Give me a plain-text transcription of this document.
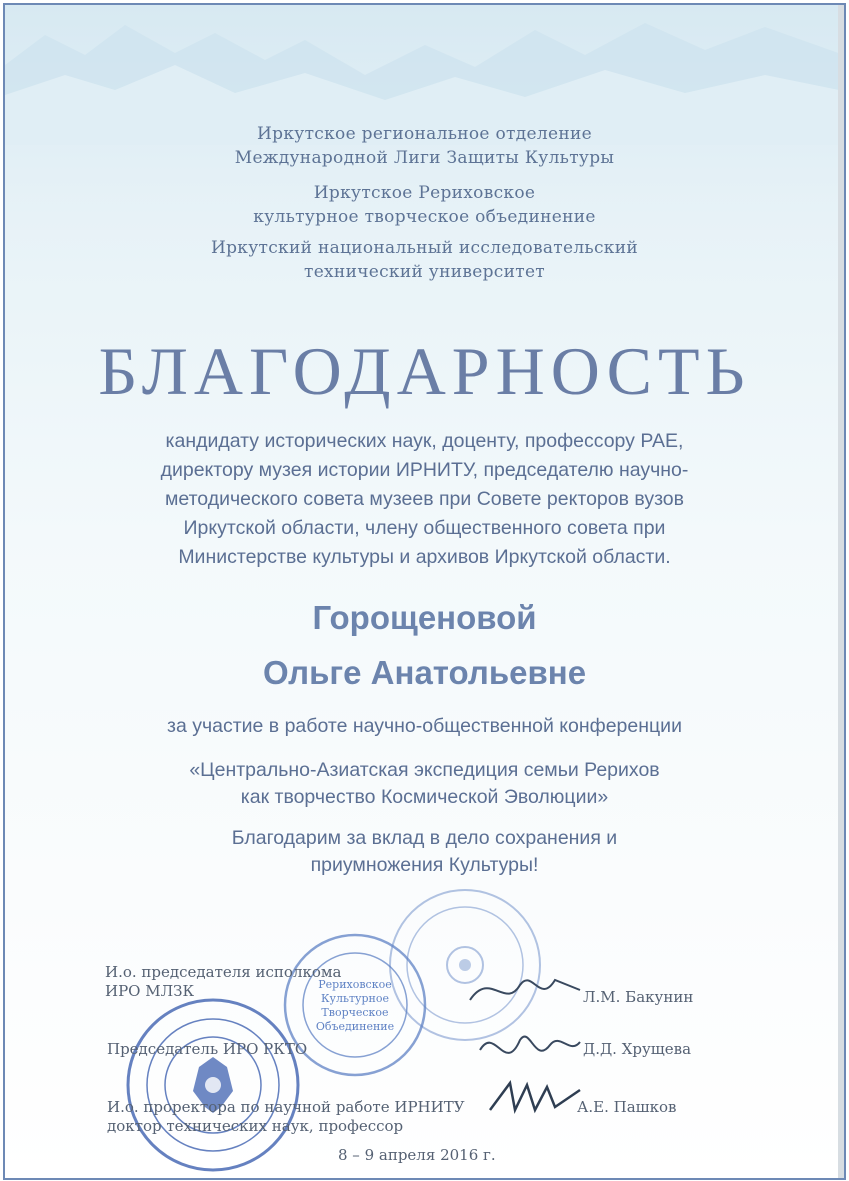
Иркутское региональное отделение
Международной Лиги Защиты Культуры
Иркутское Рериховское
культурное творческое объединение
Иркутский национальный исследовательский
технический университет
БЛАГОДАРНОСТЬ
кандидату исторических наук, доценту, профессору РАЕ,
директору музея истории ИРНИТУ, председателю научно-
методического совета музеев при Совете ректоров вузов
Иркутской области, члену общественного совета при
Министерстве культуры и архивов Иркутской области.
Горощеновой
Ольге Анатольевне
за участие в работе научно-общественной конференции
«Центрально-Азиатская экспедиция семьи Рерихов
как творчество Космической Эволюции»
Благодарим за вклад в дело сохранения и
приумножения Культуры!
Рериховское
Культурное
Творческое
Объединение
И.о. председателя исполкома
ИРО МЛЗК	Л.М. Бакунин
Председатель ИРО РКТО	Д.Д. Хрущева
И.о. проректора по научной работе ИРНИТУ
доктор технических наук, профессор
А.Е. Пашков
8 – 9 апреля 2016 г.
